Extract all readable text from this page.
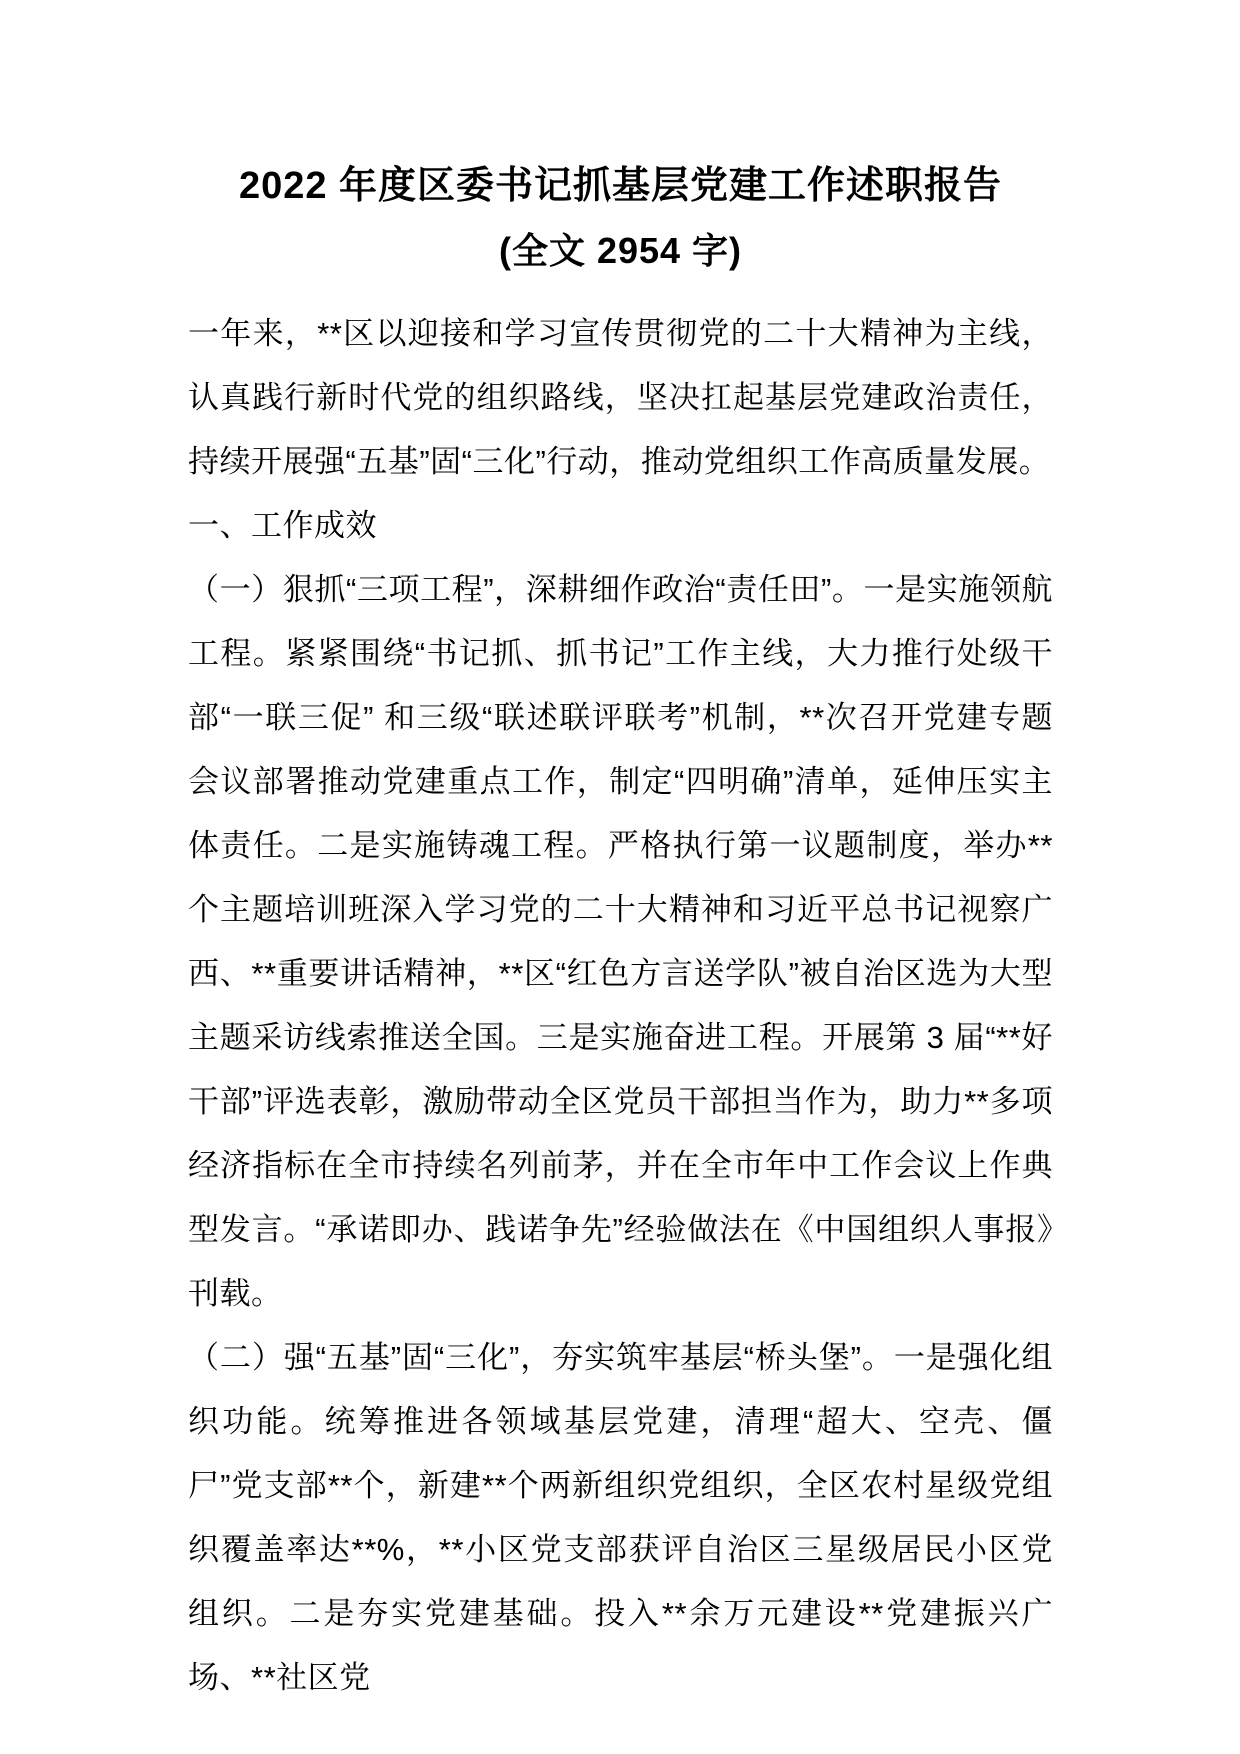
2022 年度区委书记抓基层党建工作述职报告
(全文 2954 字)

一年来，**区以迎接和学习宣传贯彻党的二十大精神为主线，认真践行新时代党的组织路线，坚决扛起基层党建政治责任，持续开展强“五基”固“三化”行动，推动党组织工作高质量发展。

一、工作成效

（一）狠抓“三项工程”，深耕细作政治“责任田”。一是实施领航工程。紧紧围绕“书记抓、抓书记”工作主线，大力推行处级干部“一联三促” 和三级“联述联评联考”机制，**次召开党建专题会议部署推动党建重点工作，制定“四明确”清单，延伸压实主体责任。二是实施铸魂工程。严格执行第一议题制度，举办**个主题培训班深入学习党的二十大精神和习近平总书记视察广西、**重要讲话精神，**区“红色方言送学队”被自治区选为大型主题采访线索推送全国。三是实施奋进工程。开展第 3 届“**好干部”评选表彰，激励带动全区党员干部担当作为，助力**多项经济指标在全市持续名列前茅，并在全市年中工作会议上作典型发言。“承诺即办、践诺争先”经验做法在《中国组织人事报》刊载。

（二）强“五基”固“三化”，夯实筑牢基层“桥头堡”。一是强化组织功能。统筹推进各领域基层党建，清理“超大、空壳、僵尸”党支部**个，新建**个两新组织党组织，全区农村星级党组织覆盖率达**%，**小区党支部获评自治区三星级居民小区党组织。二是夯实党建基础。投入**余万元建设**党建振兴广场、**社区党
